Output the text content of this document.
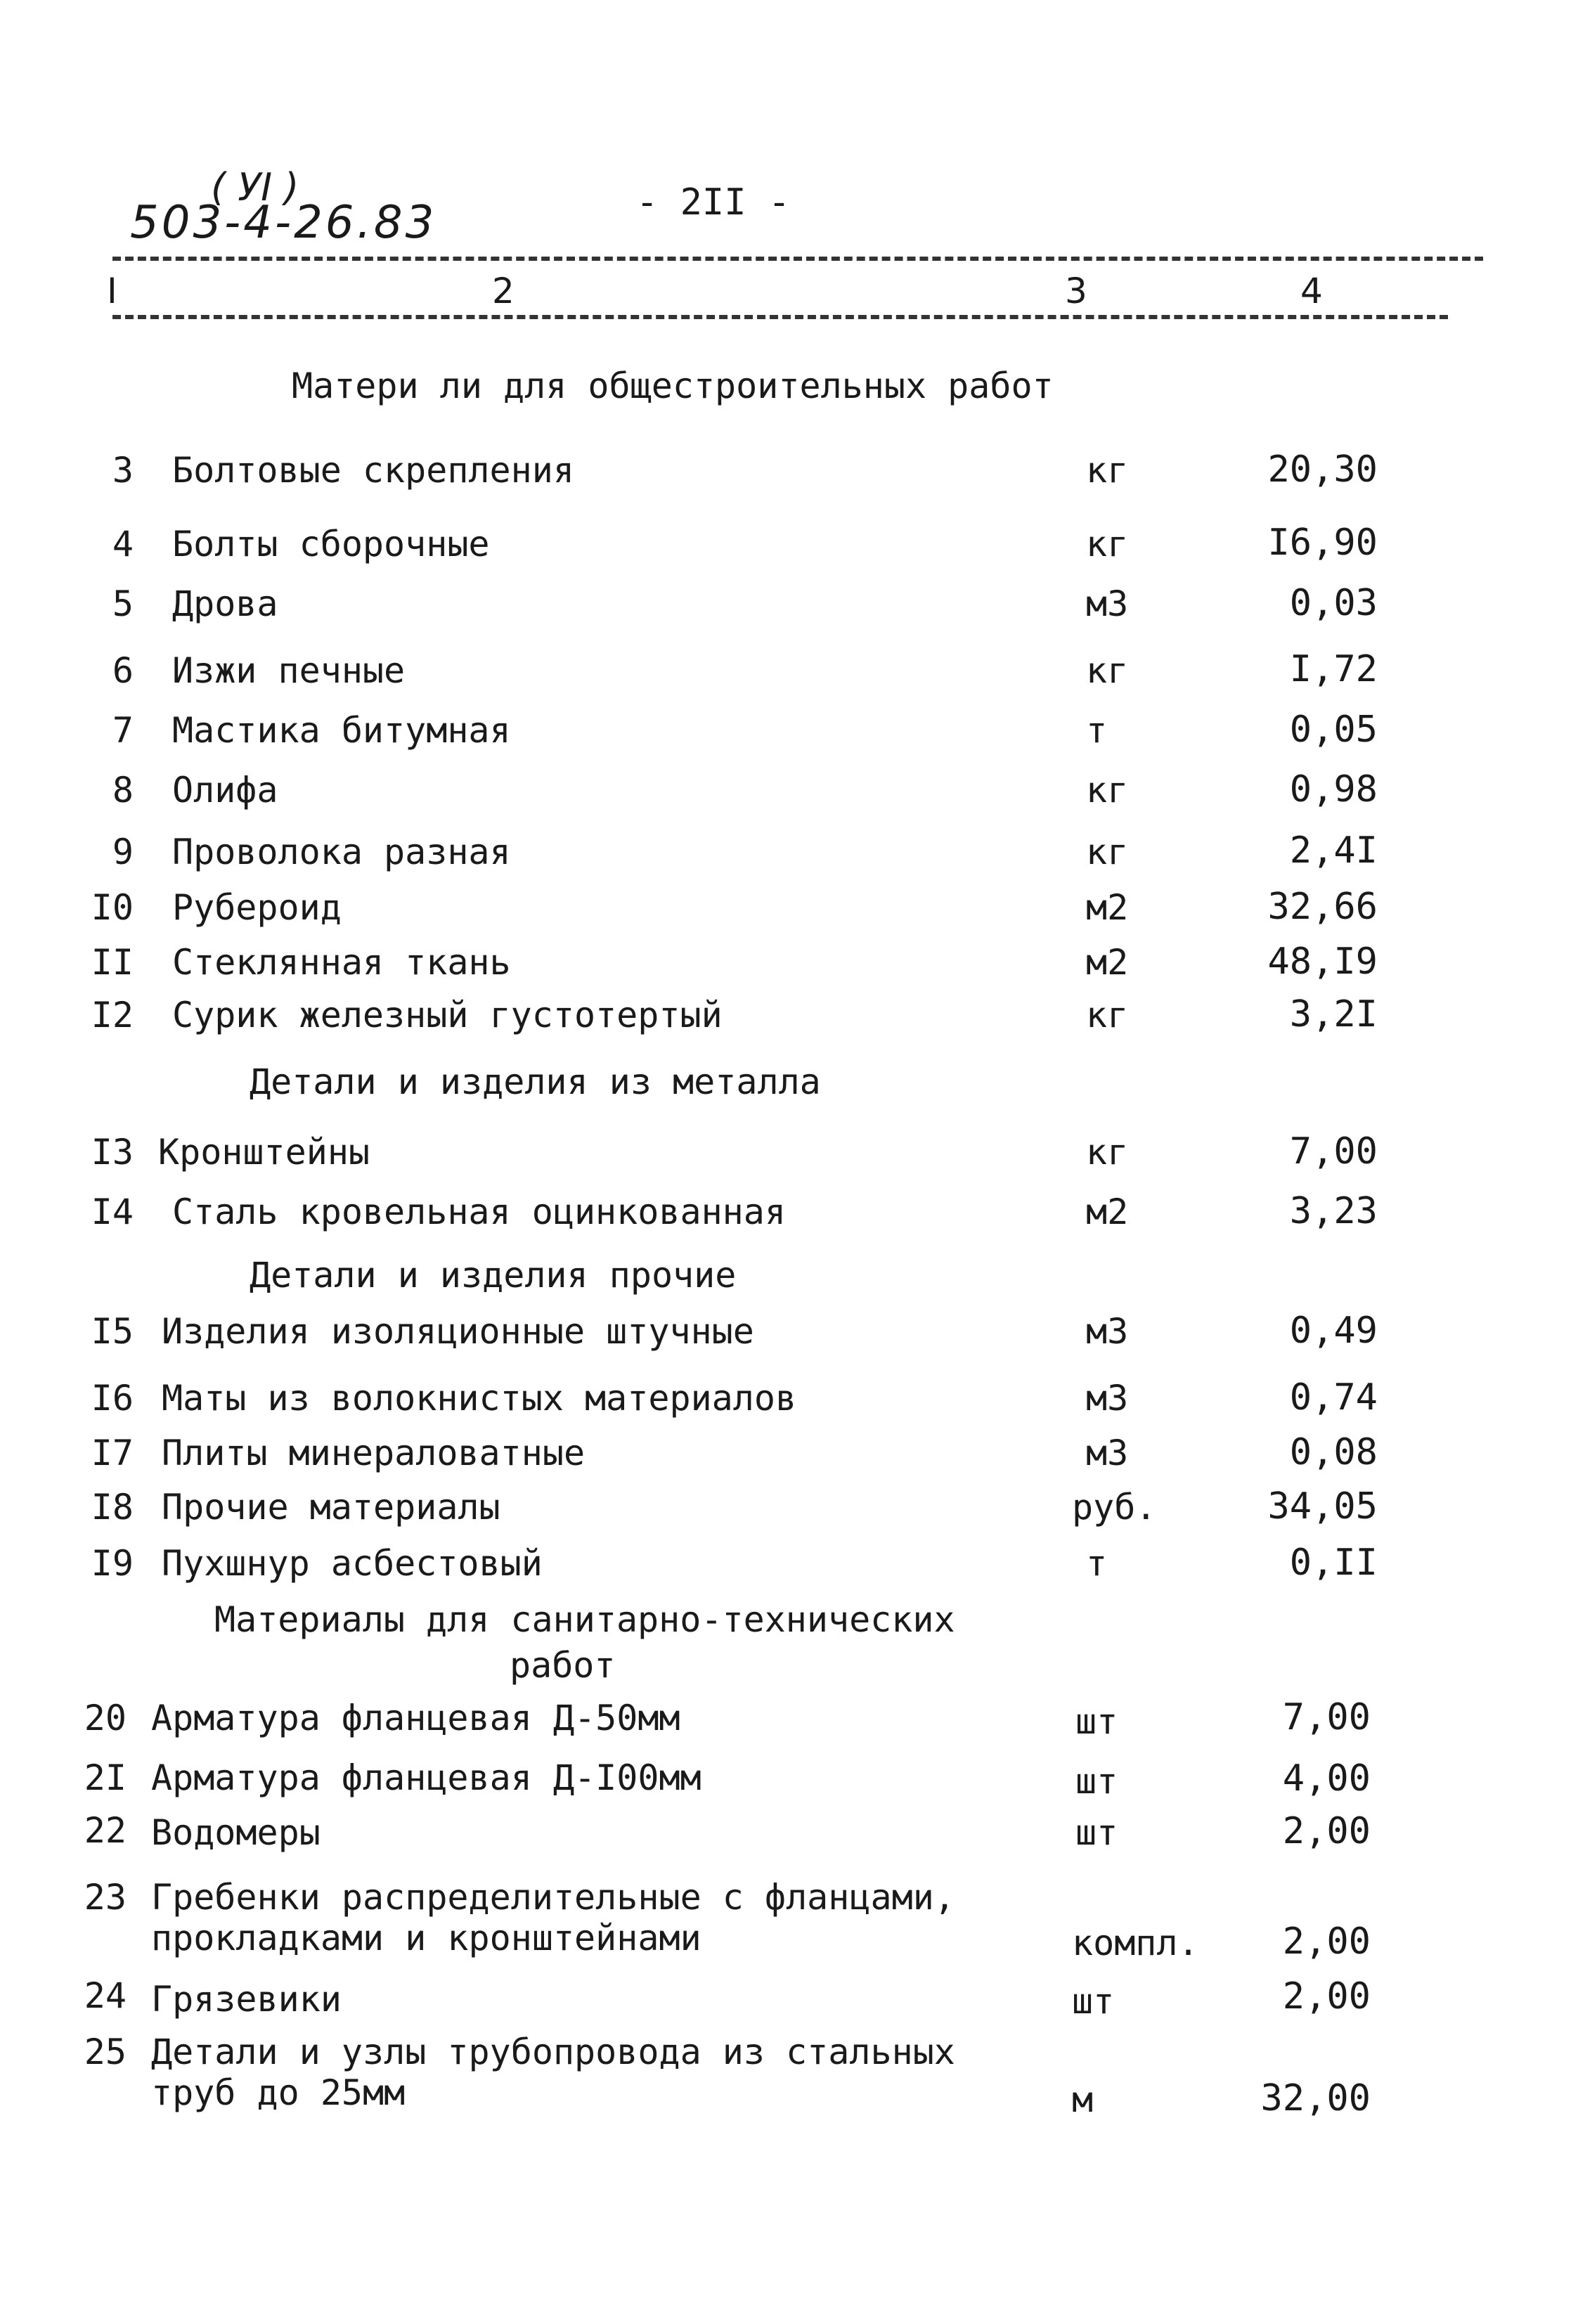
( УI )
503-4-26.83	- 2II -
I	2	3	4
Матери ли для общестроительных работ
3 Болтовые скрепления	кг	20,30
4 Болты сборочные	кг	I6,90
5 Дрова	м3	0,03
6 Изжи печные	кг	I,72
7 Мастика битумная	т	0,05
8 Олифа	кг	0,98
9 Проволока разная	кг	2,4I
I0 Рубероид	м2	32,66
II Стеклянная ткань	м2	48,I9
I2 Сурик железный густотертый	кг	3,2I
Детали и изделия из металла
I3 Кронштейны	кг	7,00
I4 Сталь кровельная оцинкованная	м2	3,23
Детали и изделия прочие
I5 Изделия изоляционные штучные	м3	0,49
I6 Маты из волокнистых материалов	м3	0,74
I7 Плиты минераловатные	м3	0,08
I8 Прочие материалы	руб.	34,05
I9 Пухшнур асбестовый	т	0,II
Материалы для санитарно-технических
работ
20 Арматура фланцевая Д-50мм	шт	7,00
2I Арматура фланцевая Д-I00мм	шт	4,00
22 Водомеры	шт	2,00
23 Гребенки распределительные с фланцами,
прокладками и кронштейнами	компл.	2,00
24 Грязевики	шт	2,00
25 Детали и узлы трубопровода из стальных
труб до 25мм	м	32,00
